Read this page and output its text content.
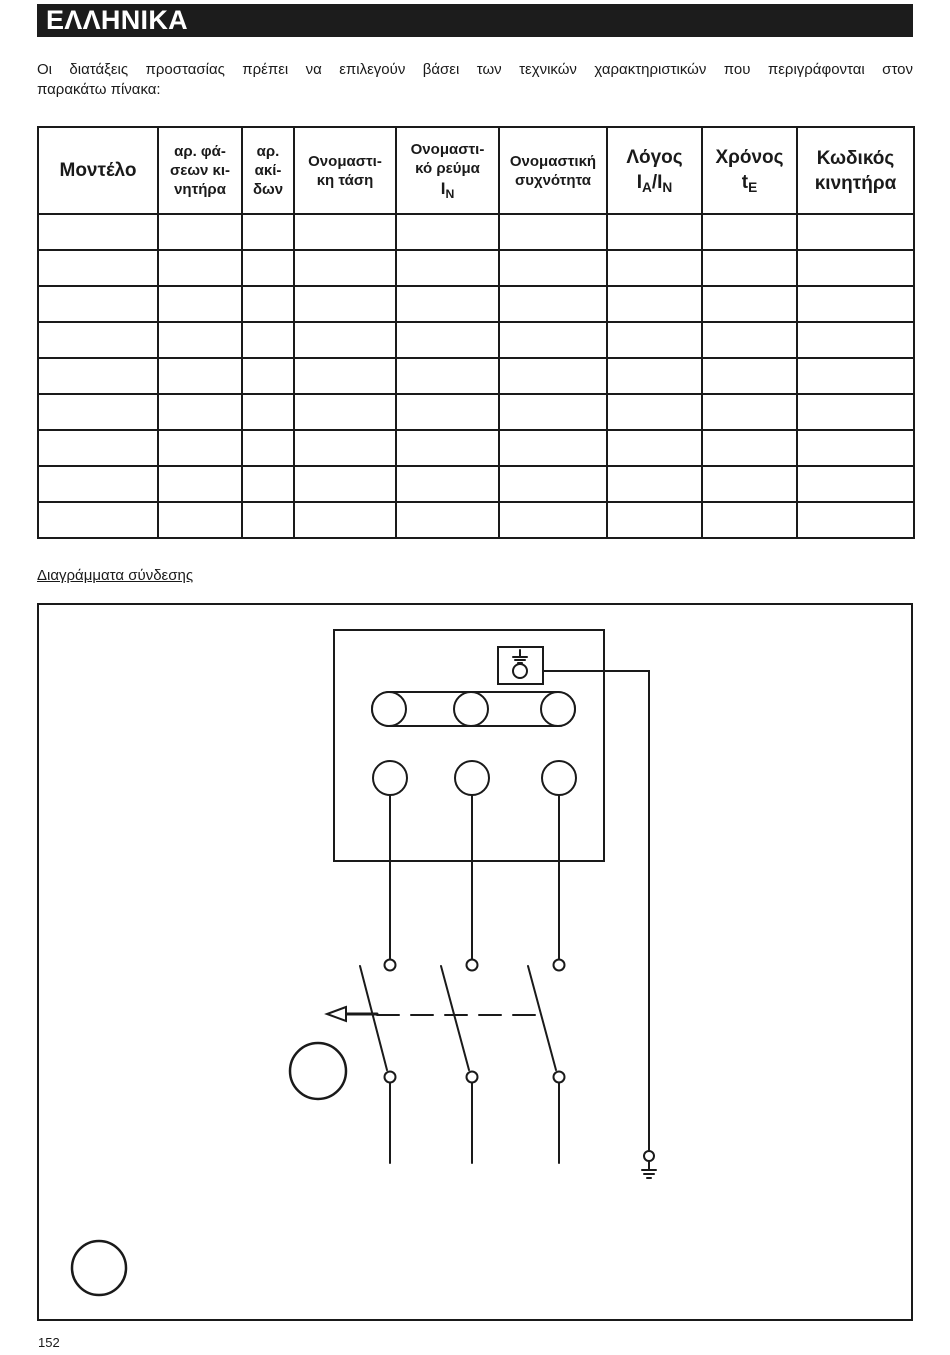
ΕΛΛΗΝΙΚΑ
Οι διατάξεις προστασίας πρέπει να επιλεγούν βάσει των τεχνικών χαρακτηριστικών που περιγράφονται στον
παρακάτω πίνακα:
Μοντέλο	αρ. φά-
σεων κι-
νητήρα	αρ.
ακί-
δων	Ονομαστι-
κη τάση	Ονομαστι-
κό ρεύμα
$I_N$	Ονομαστική
συχνότητα	Λόγος
$I_A/I_N$	Χρόνος
$t_E$	Κωδικός
κινητήρα

Διαγράμματα σύνδεσης
152
